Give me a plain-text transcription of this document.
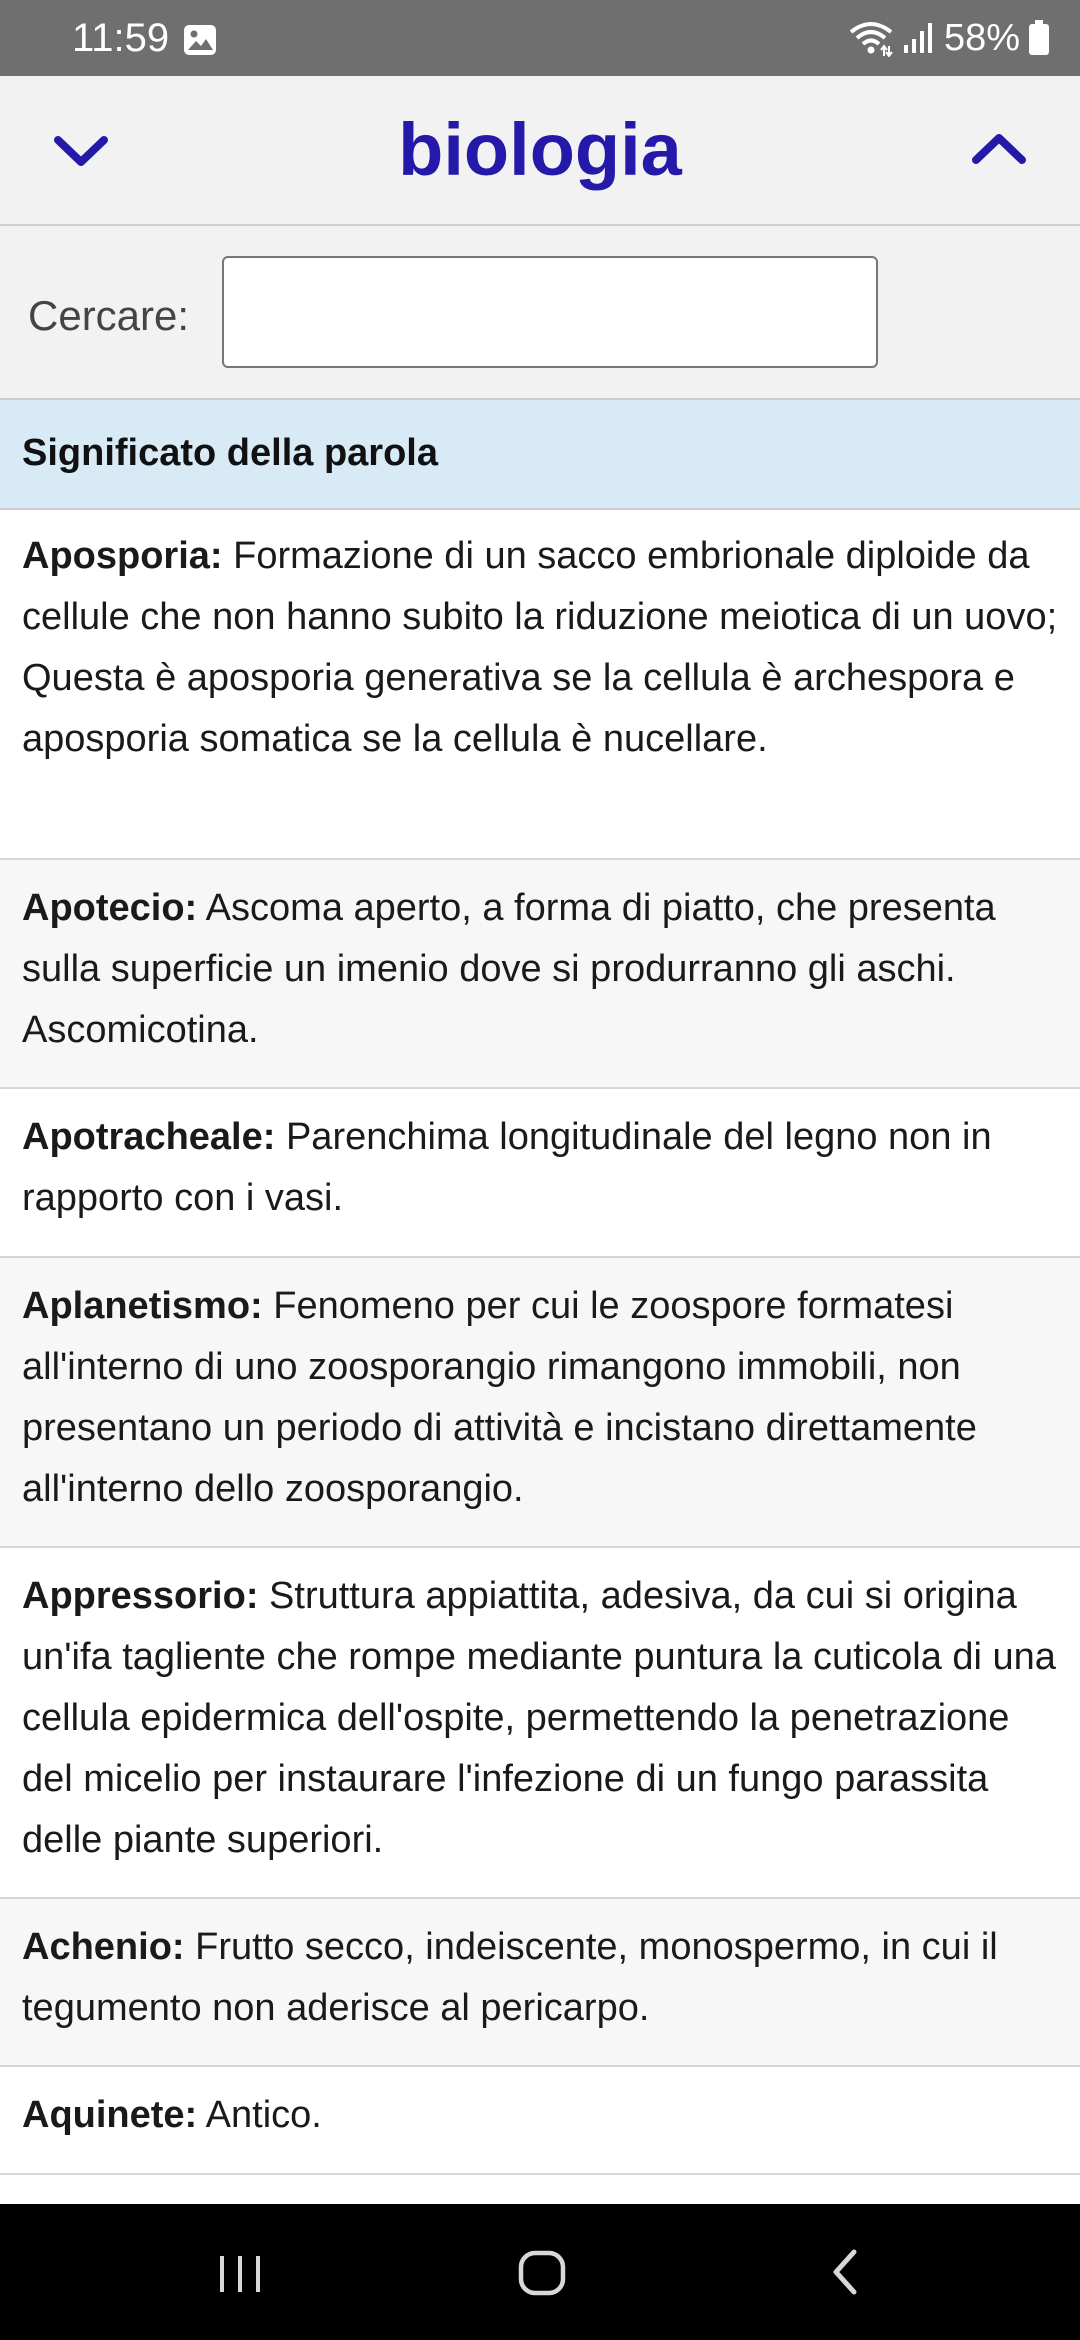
11:59	58%
biologia
Cercare:
Significato della parola
Aposporia: Formazione di un sacco embrionale diploide da cellule che non hanno subito la riduzione meiotica di un uovo; Questa è aposporia generativa se la cellula è archespora e aposporia somatica se la cellula è nucellare.
Apotecio: Ascoma aperto, a forma di piatto, che presenta sulla superficie un imenio dove si produrranno gli aschi. Ascomicotina.
Apotracheale: Parenchima longitudinale del legno non in rapporto con i vasi.
Aplanetismo: Fenomeno per cui le zoospore formatesi all'interno di uno zoosporangio rimangono immobili, non presentano un periodo di attività e incistano direttamente all'interno dello zoosporangio.
Appressorio: Struttura appiattita, adesiva, da cui si origina un'ifa tagliente che rompe mediante puntura la cuticola di una cellula epidermica dell'ospite, permettendo la penetrazione del micelio per instaurare l'infezione di un fungo parassita delle piante superiori.
Achenio: Frutto secco, indeiscente, monospermo, in cui il tegumento non aderisce al pericarpo.
Aquinete: Antico.
